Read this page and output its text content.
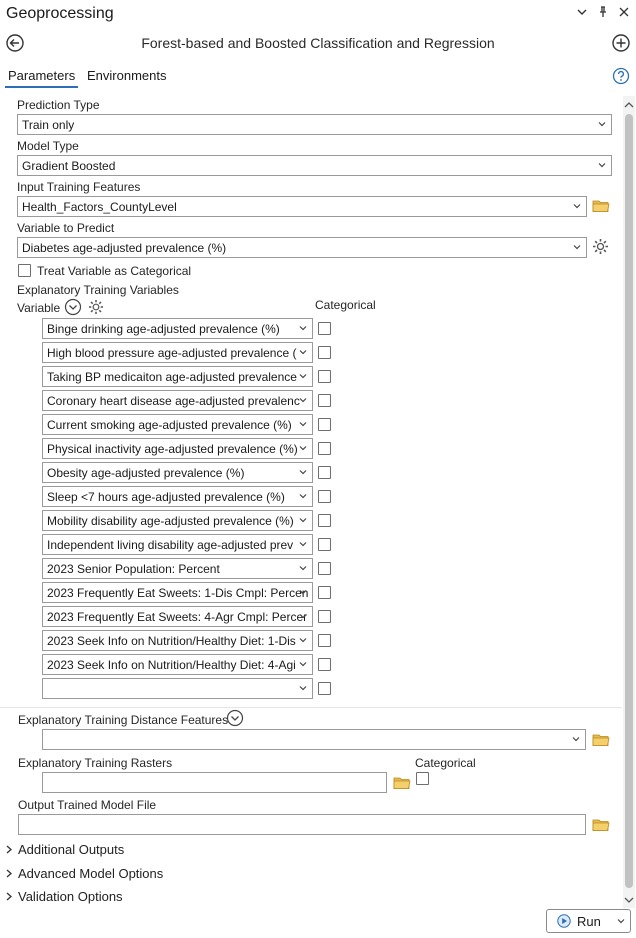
Geoprocessing
Forest-based and Boosted Classification and Regression
Parameters Environments
Prediction Type
Train only
Model Type
Gradient Boosted
Input Training Features
Health_Factors_CountyLevel
Variable to Predict
Diabetes age-adjusted prevalence (%)
Treat Variable as Categorical
Explanatory Training Variables
Variable	Categorical
Binge drinking age-adjusted prevalence (%)
High blood pressure age-adjusted prevalence (
Taking BP medicaiton age-adjusted prevalence
Coronary heart disease age-adjusted prevalenc
Current smoking age-adjusted prevalence (%)
Physical inactivity age-adjusted prevalence (%)
Obesity age-adjusted prevalence (%)
Sleep <7 hours age-adjusted prevalence (%)
Mobility disability age-adjusted prevalence (%)
Independent living disability age-adjusted prev
2023 Senior Population: Percent
2023 Frequently Eat Sweets: 1-Dis Cmpl: Percen
2023 Frequently Eat Sweets: 4-Agr Cmpl: Percer
2023 Seek Info on Nutrition/Healthy Diet: 1-Dis
2023 Seek Info on Nutrition/Healthy Diet: 4-Agi
Explanatory Training Distance Features
Explanatory Training Rasters	Categorical
Output Trained Model File
Additional Outputs
Advanced Model Options
Validation Options
Run
